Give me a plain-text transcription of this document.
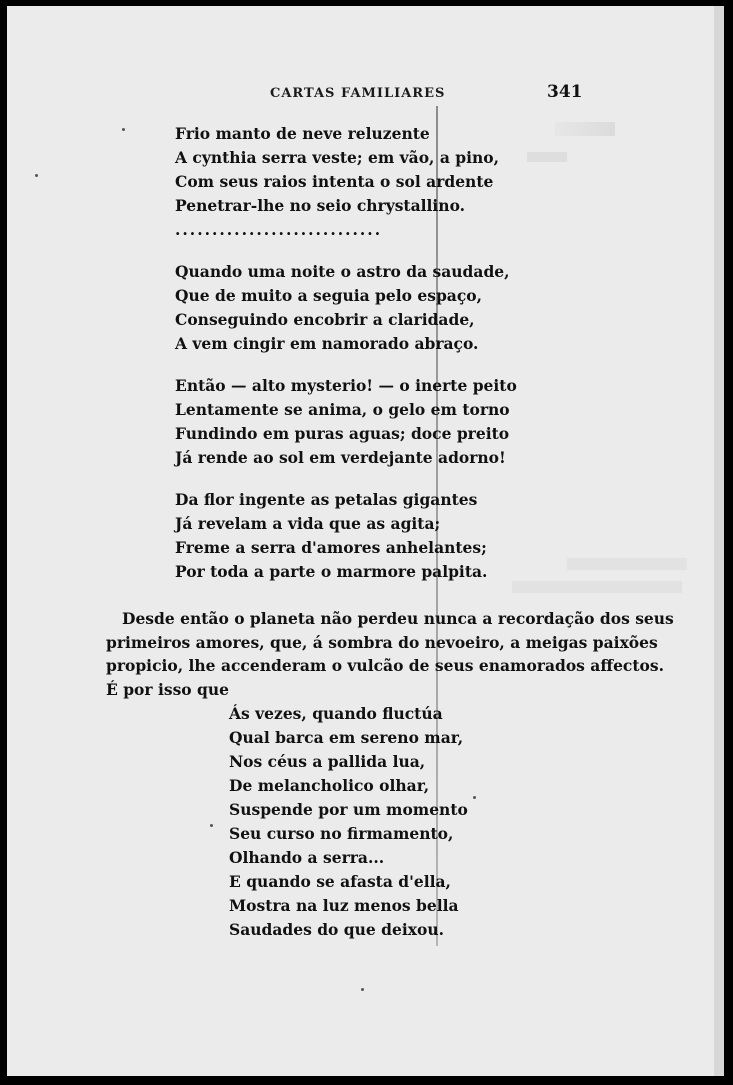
CARTAS FAMILIARES	341
Frio manto de neve reluzente
A cynthia serra veste; em vão, a pino,
Com seus raios intenta o sol ardente
Penetrar-lhe no seio chrystallino.
............................
Quando uma noite o astro da saudade,
Que de muito a seguia pelo espaço,
Conseguindo encobrir a claridade,
A vem cingir em namorado abraço.
Então — alto mysterio! — o inerte peito
Lentamente se anima, o gelo em torno
Fundindo em puras aguas; doce preito
Já rende ao sol em verdejante adorno!
Da flor ingente as petalas gigantes
Já revelam a vida que as agita;
Freme a serra d'amores anhelantes;
Por toda a parte o marmore palpita.
Desde então o planeta não perdeu nunca a recordação dos seus
primeiros amores, que, á sombra do nevoeiro, a meigas paixões
propicio, lhe accenderam o vulcão de seus enamorados affectos.
É por isso que
Ás vezes, quando fluctúa
Qual barca em sereno mar,
Nos céus a pallida lua,
De melancholico olhar,
Suspende por um momento
Seu curso no firmamento,
Olhando a serra...
E quando se afasta d'ella,
Mostra na luz menos bella
Saudades do que deixou.
